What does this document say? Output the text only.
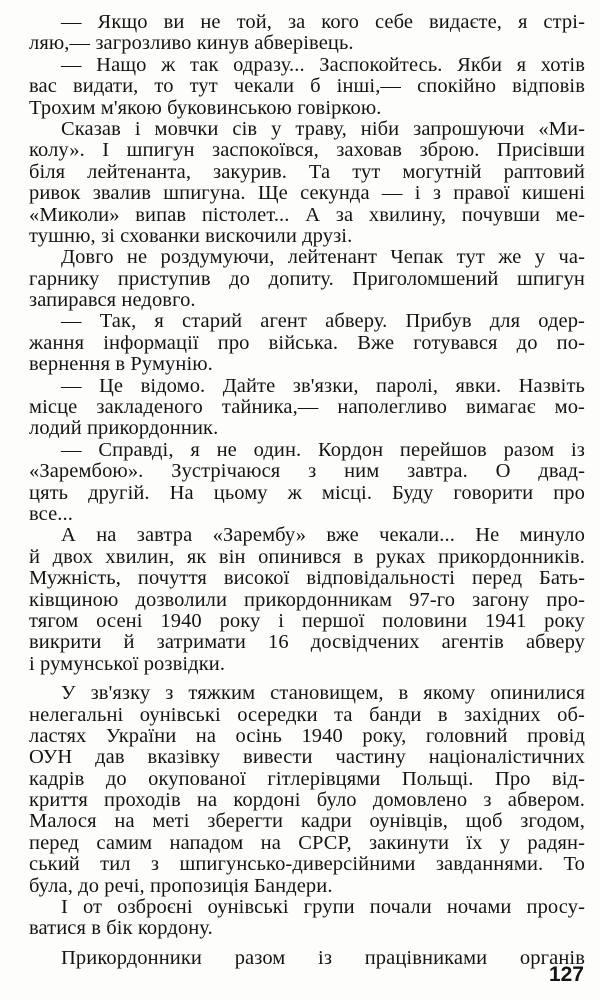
— Якщо ви не той, за кого себе видаєте, я стрі-
ляю,— загрозливо кинув абверівець.
— Нащо ж так одразу... Заспокойтесь. Якби я хотів
вас видати, то тут чекали б інші,— спокійно відповів
Трохим м'якою буковинською говіркою.
Сказав і мовчки сів у траву, ніби запрошуючи «Ми-
колу». І шпигун заспокоївся, заховав зброю. Присівши
біля лейтенанта, закурив. Та тут могутній раптовий
ривок звалив шпигуна. Ще секунда — і з правої кишені
«Миколи» випав пістолет... А за хвилину, почувши ме-
тушню, зі схованки вискочили друзі.
Довго не роздумуючи, лейтенант Чепак тут же у ча-
гарнику приступив до допиту. Приголомшений шпигун
запирався недовго.
— Так, я старий агент абверу. Прибув для одер-
жання інформації про війська. Вже готувався до по-
вернення в Румунію.
— Це відомо. Дайте зв'язки, паролі, явки. Назвіть
місце закладеного тайника,— наполегливо вимагає мо-
лодий прикордонник.
— Справді, я не один. Кордон перейшов разом із
«Зарембою». Зустрічаюся з ним завтра. О двад-
цять другій. На цьому ж місці. Буду говорити про
все...
А на завтра «Зарембу» вже чекали... Не минуло
й двох хвилин, як він опинився в руках прикордонників.
Мужність, почуття високої відповідальності перед Бать-
ківщиною дозволили прикордонникам 97-го загону про-
тягом осені 1940 року і першої половини 1941 року
викрити й затримати 16 досвідчених агентів абверу
і румунської розвідки.
У зв'язку з тяжким становищем, в якому опинилися
нелегальні оунівські осередки та банди в західних об-
ластях України на осінь 1940 року, головний провід
ОУН дав вказівку вивести частину націоналістичних
кадрів до окупованої гітлерівцями Польщі. Про від-
криття проходів на кордоні було домовлено з абвером.
Малося на меті зберегти кадри оунівців, щоб згодом,
перед самим нападом на СРСР, закинути їх у радян-
ський тил з шпигунсько-диверсійними завданнями. То
була, до речі, пропозиція Бандери.
І от озброєні оунівські групи почали ночами просу-
ватися в бік кордону.
Прикордонники разом із працівниками органів
127
